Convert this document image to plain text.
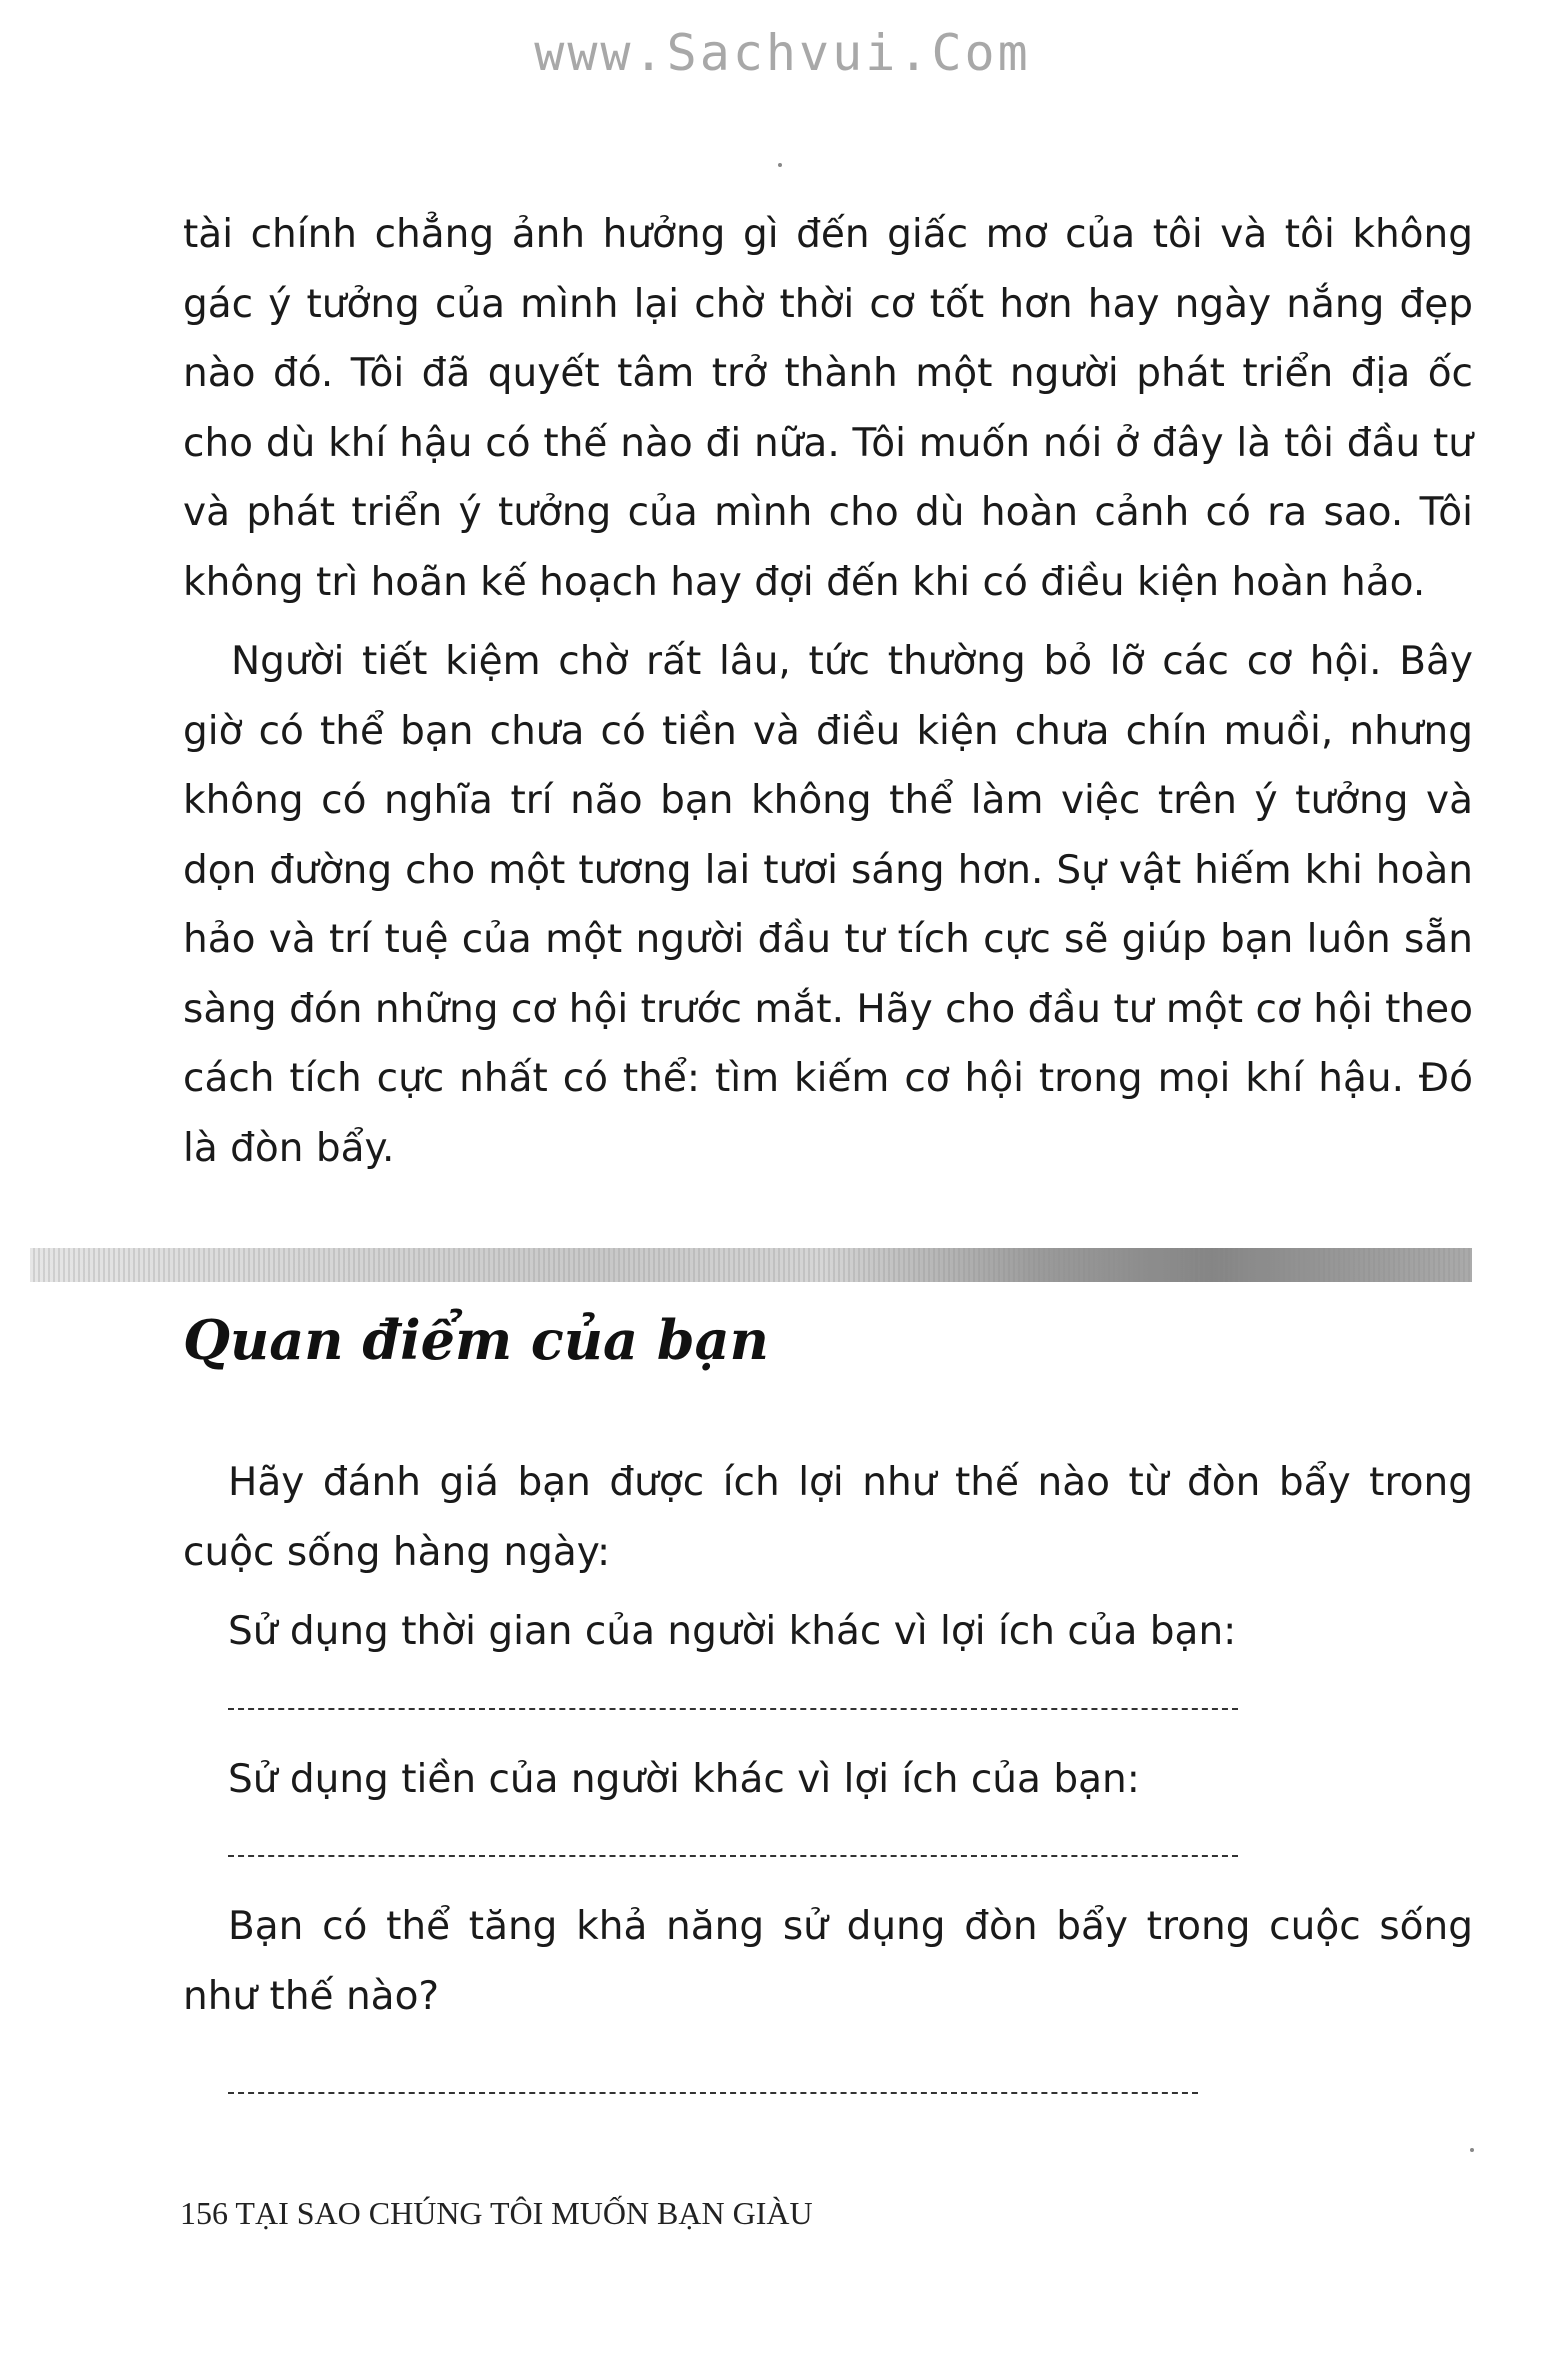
www.Sachvui.Com

tài chính chẳng ảnh hưởng gì đến giấc mơ của tôi và tôi không gác ý tưởng của mình lại chờ thời cơ tốt hơn hay ngày nắng đẹp nào đó. Tôi đã quyết tâm trở thành một người phát triển địa ốc cho dù khí hậu có thế nào đi nữa. Tôi muốn nói ở đây là tôi đầu tư và phát triển ý tưởng của mình cho dù hoàn cảnh có ra sao. Tôi không trì hoãn kế hoạch hay đợi đến khi có điều kiện hoàn hảo.

Người tiết kiệm chờ rất lâu, tức thường bỏ lỡ các cơ hội. Bây giờ có thể bạn chưa có tiền và điều kiện chưa chín muồi, nhưng không có nghĩa trí não bạn không thể làm việc trên ý tưởng và dọn đường cho một tương lai tươi sáng hơn. Sự vật hiếm khi hoàn hảo và trí tuệ của một người đầu tư tích cực sẽ giúp bạn luôn sẵn sàng đón những cơ hội trước mắt. Hãy cho đầu tư một cơ hội theo cách tích cực nhất có thể: tìm kiếm cơ hội trong mọi khí hậu. Đó là đòn bẩy.

Quan điểm của bạn

Hãy đánh giá bạn được ích lợi như thế nào từ đòn bẩy trong cuộc sống hàng ngày:

Sử dụng thời gian của người khác vì lợi ích của bạn:

Sử dụng tiền của người khác vì lợi ích của bạn:

Bạn có thể tăng khả năng sử dụng đòn bẩy trong cuộc sống như thế nào?

156 TẠI SAO CHÚNG TÔI MUỐN BẠN GIÀU
